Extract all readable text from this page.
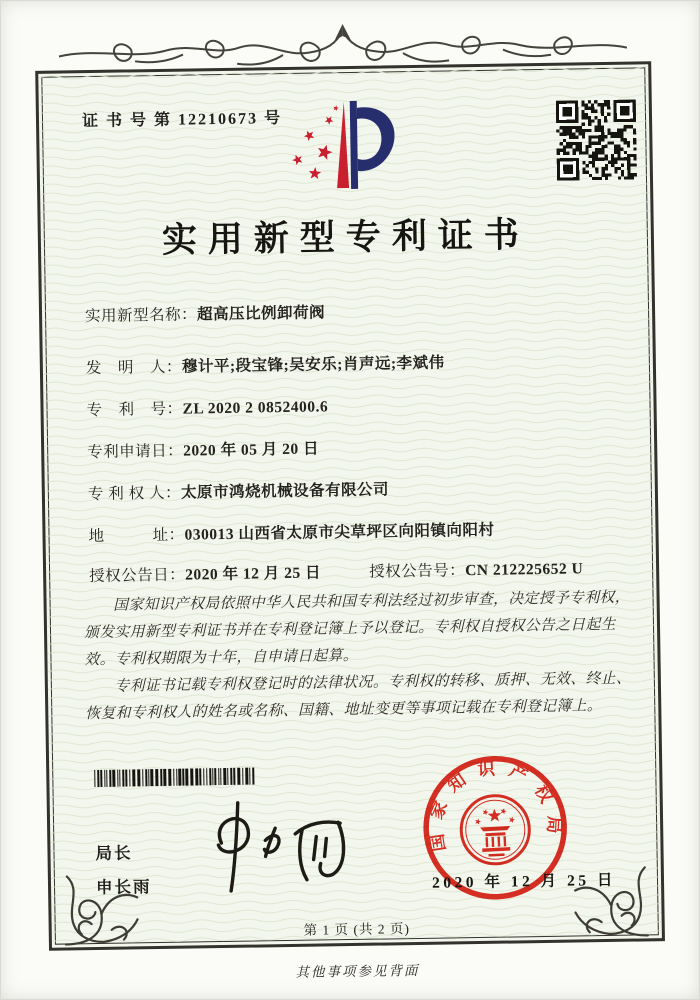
证 书 号 第 12210673 号
实用新型专利证书
实用新型名称：超高压比例卸荷阀
发　明　人：穆计平;段宝锋;吴安乐;肖声远;李斌伟
专　利　号：ZL 2020 2 0852400.6
专利申请日：2020 年 05 月 20 日
专 利 权 人：太原市鸿烧机械设备有限公司
地　　　址：030013 山西省太原市尖草坪区向阳镇向阳村
授权公告日：2020 年 12 月 25 日	授权公告号：CN 212225652 U

国家知识产权局依照中华人民共和国专利法经过初步审查，决定授予专利权，颁发实用新型专利证书并在专利登记簿上予以登记。专利权自授权公告之日起生效。专利权期限为十年，自申请日起算。

专利证书记载专利权登记时的法律状况。专利权的转移、质押、无效、终止、恢复和专利权人的姓名或名称、国籍、地址变更等事项记载在专利登记簿上。

局长
申长雨
国家知识产权局
2020 年 12 月 25 日
第 1 页 (共 2 页)
其他事项参见背面
